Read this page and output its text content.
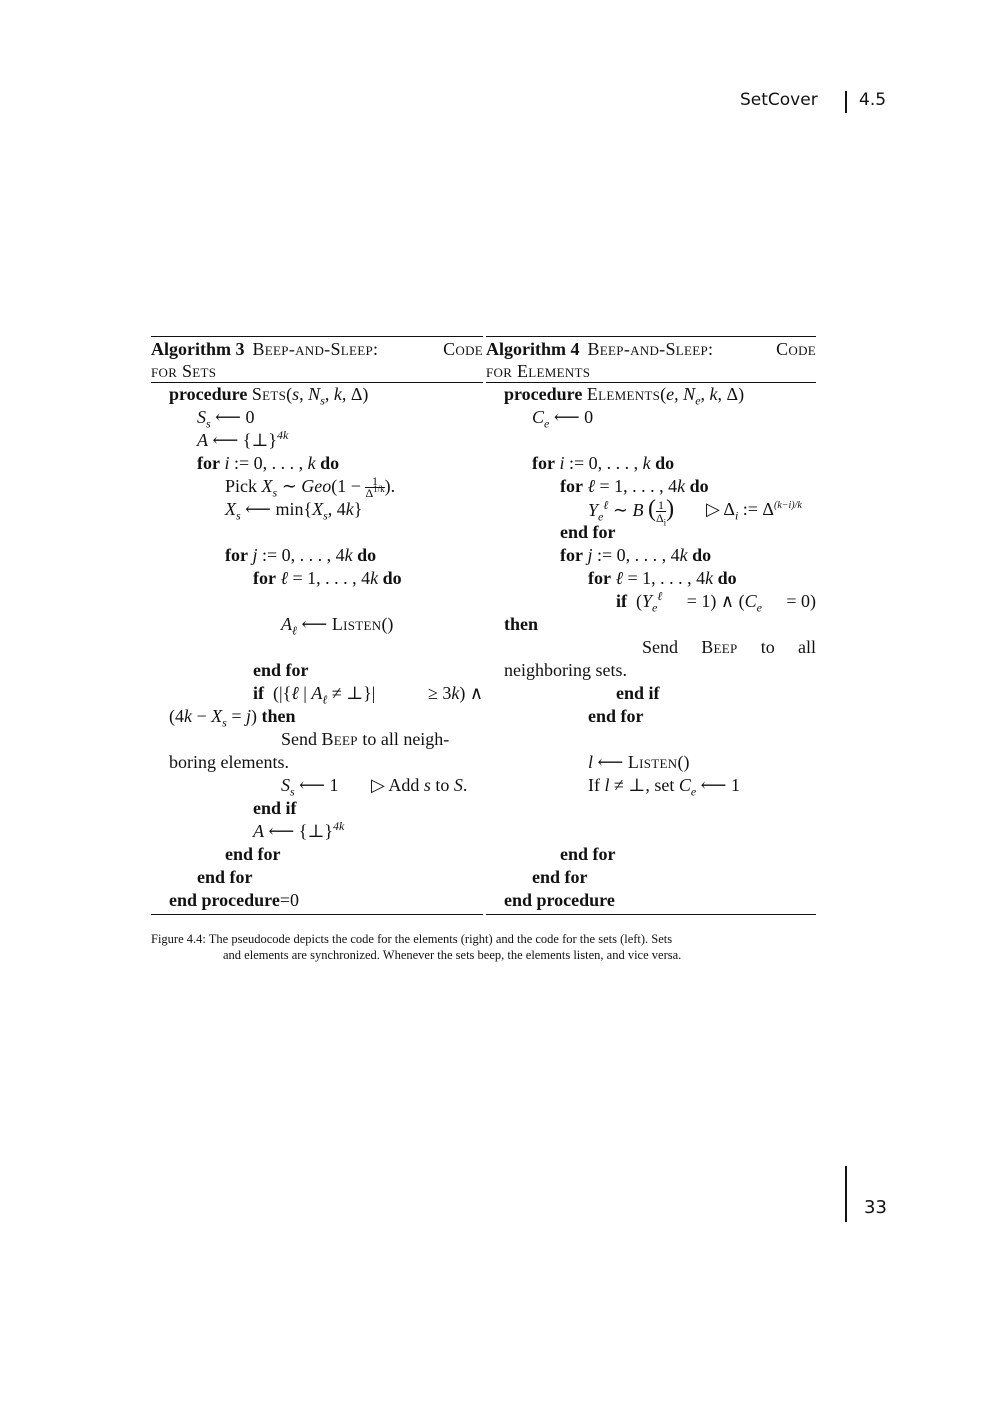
SetCover 4.5
Algorithm 3 Beep-and-Sleep: Code
for Sets
procedure Sets(s, $N_s$, k, Δ)
$S_s$ ⟵ 0
A ⟵ {⊥}$^{4k}$
for i := 0, . . . , k do
Pick $X_s$ ∼ $Geo(1 - \frac{1}{\Delta^{1/k}}$ ).
$X_s$ ⟵ $\min\{X_s$, 4k}
for j := 0, . . . , 4k do
for ℓ = 1, . . . , 4k do
$A_\ell$ ⟵ Listen()
end for
if  (|{ℓ | $A_\ell$ ≠ ⊥}|	≥ 3k) ∧
$(4k - X_s = j)$ then
Send Beep to all neigh-
boring elements.
$S_s$ ⟵ 1 ▷ Add s to S.
end if
A ⟵ {⊥}$^{4k}$
end for
end for
end procedure=0
Algorithm 4 Beep-and-Sleep: Code
for Elements
procedure Elements(e, $N_e$, k, Δ)
$C_e$ ⟵ 0
for i := 0, . . . , k do
for ℓ = 1, . . . , 4k do
$Y_e^\ell$ ∼ B ( $\frac{1}{\Delta_i}$ ) ▷ $\Delta_i$ := $\Delta^{(k-i)/k}$
end for
for j := 0, . . . , 4k do
for ℓ = 1, . . . , 4k do
if  $(Y_e^\ell = 1)$ ∧ $(C_e = 0)$
then
Send Beep to all
neighboring sets.
end if
end for
l ⟵ Listen()
If l ≠ ⊥, set $C_e$ ⟵ 1
end for
end for
end procedure
Figure 4.4: The pseudocode depicts the code for the elements (right) and the code for the sets (left). Sets
and elements are synchronized. Whenever the sets beep, the elements listen, and vice versa.
33
